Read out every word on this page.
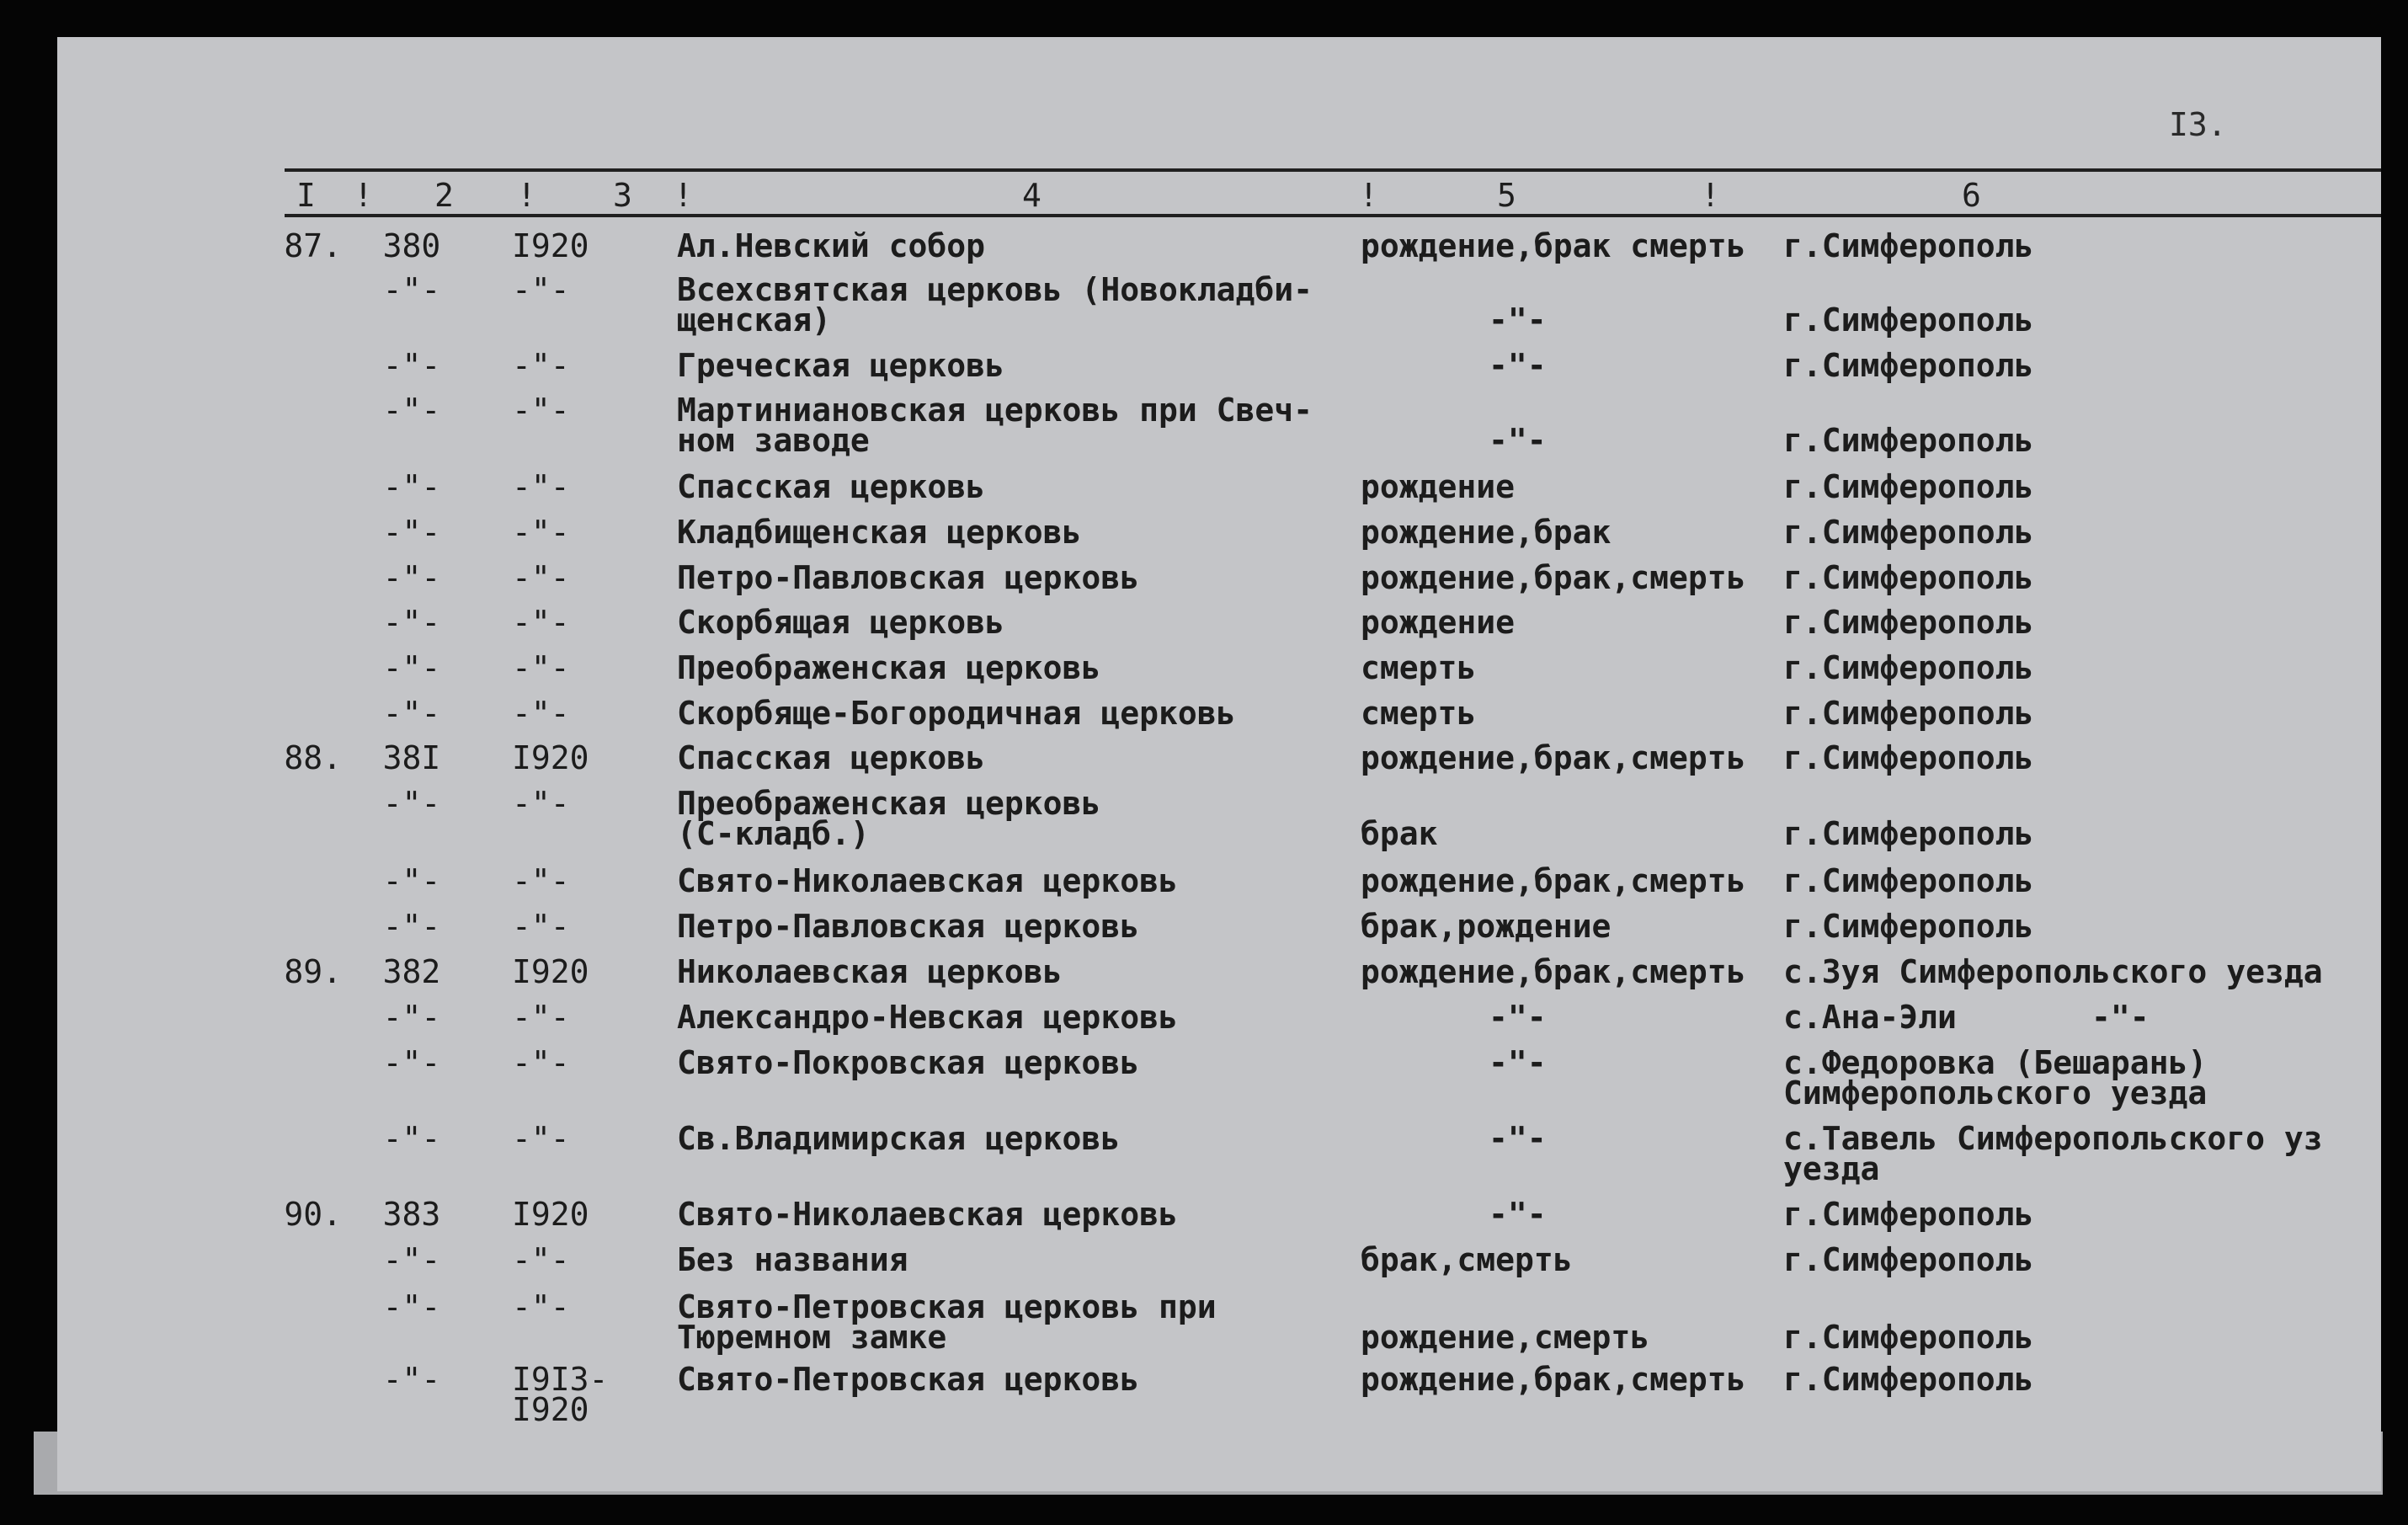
I3.
I ! 2 ! 3 !	4	!	5	!	6
87.	380	I920	Ал.Невский собор	рождение,брак смерть	г.Симферополь
-"-	-"-	Всехсвятская церковь (Новокладби-
щенская)	-"-	г.Симферополь
-"-	-"-	Греческая церковь	-"-	г.Симферополь
-"-	-"-	Мартиниановская церковь при Свеч-
ном заводе	-"-	г.Симферополь
-"-	-"-	Спасская церковь	рождение	г.Симферополь
-"-	-"-	Кладбищенская церковь	рождение,брак	г.Симферополь
-"-	-"-	Петро-Павловская церковь	рождение,брак,смерть	г.Симферополь
-"-	-"-	Скорбящая церковь	рождение	г.Симферополь
-"-	-"-	Преображенская церковь	смерть	г.Симферополь
-"-	-"-	Скорбяще-Богородичная церковь	смерть	г.Симферополь
88.	38I	I920	Спасская церковь	рождение,брак,смерть	г.Симферополь
-"-	-"-	Преображенская церковь
(С-кладб.)	брак	г.Симферополь
-"-	-"-	Свято-Николаевская церковь	рождение,брак,смерть	г.Симферополь
-"-	-"-	Петро-Павловская церковь	брак,рождение	г.Симферополь
89.	382	I920	Николаевская церковь	рождение,брак,смерть	с.Зуя Симферопольского уезда
-"-	-"-	Александро-Невская церковь	-"-	с.Ана-Эли       -"-
-"-	-"-	Свято-Покровская церковь	-"-	с.Федоровка (Бешарань)
Симферопольского уезда
-"-	-"-	Св.Владимирская церковь	-"-	с.Тавель Симферопольского уз
уезда
90.	383	I920	Свято-Николаевская церковь	-"-	г.Симферополь
-"-	-"-	Без названия	брак,смерть	г.Симферополь
-"-	-"-	Свято-Петровская церковь при
Тюремном замке	рождение,смерть	г.Симферополь
-"-	I9I3-
I920
Свято-Петровская церковь	рождение,брак,смерть	г.Симферополь
